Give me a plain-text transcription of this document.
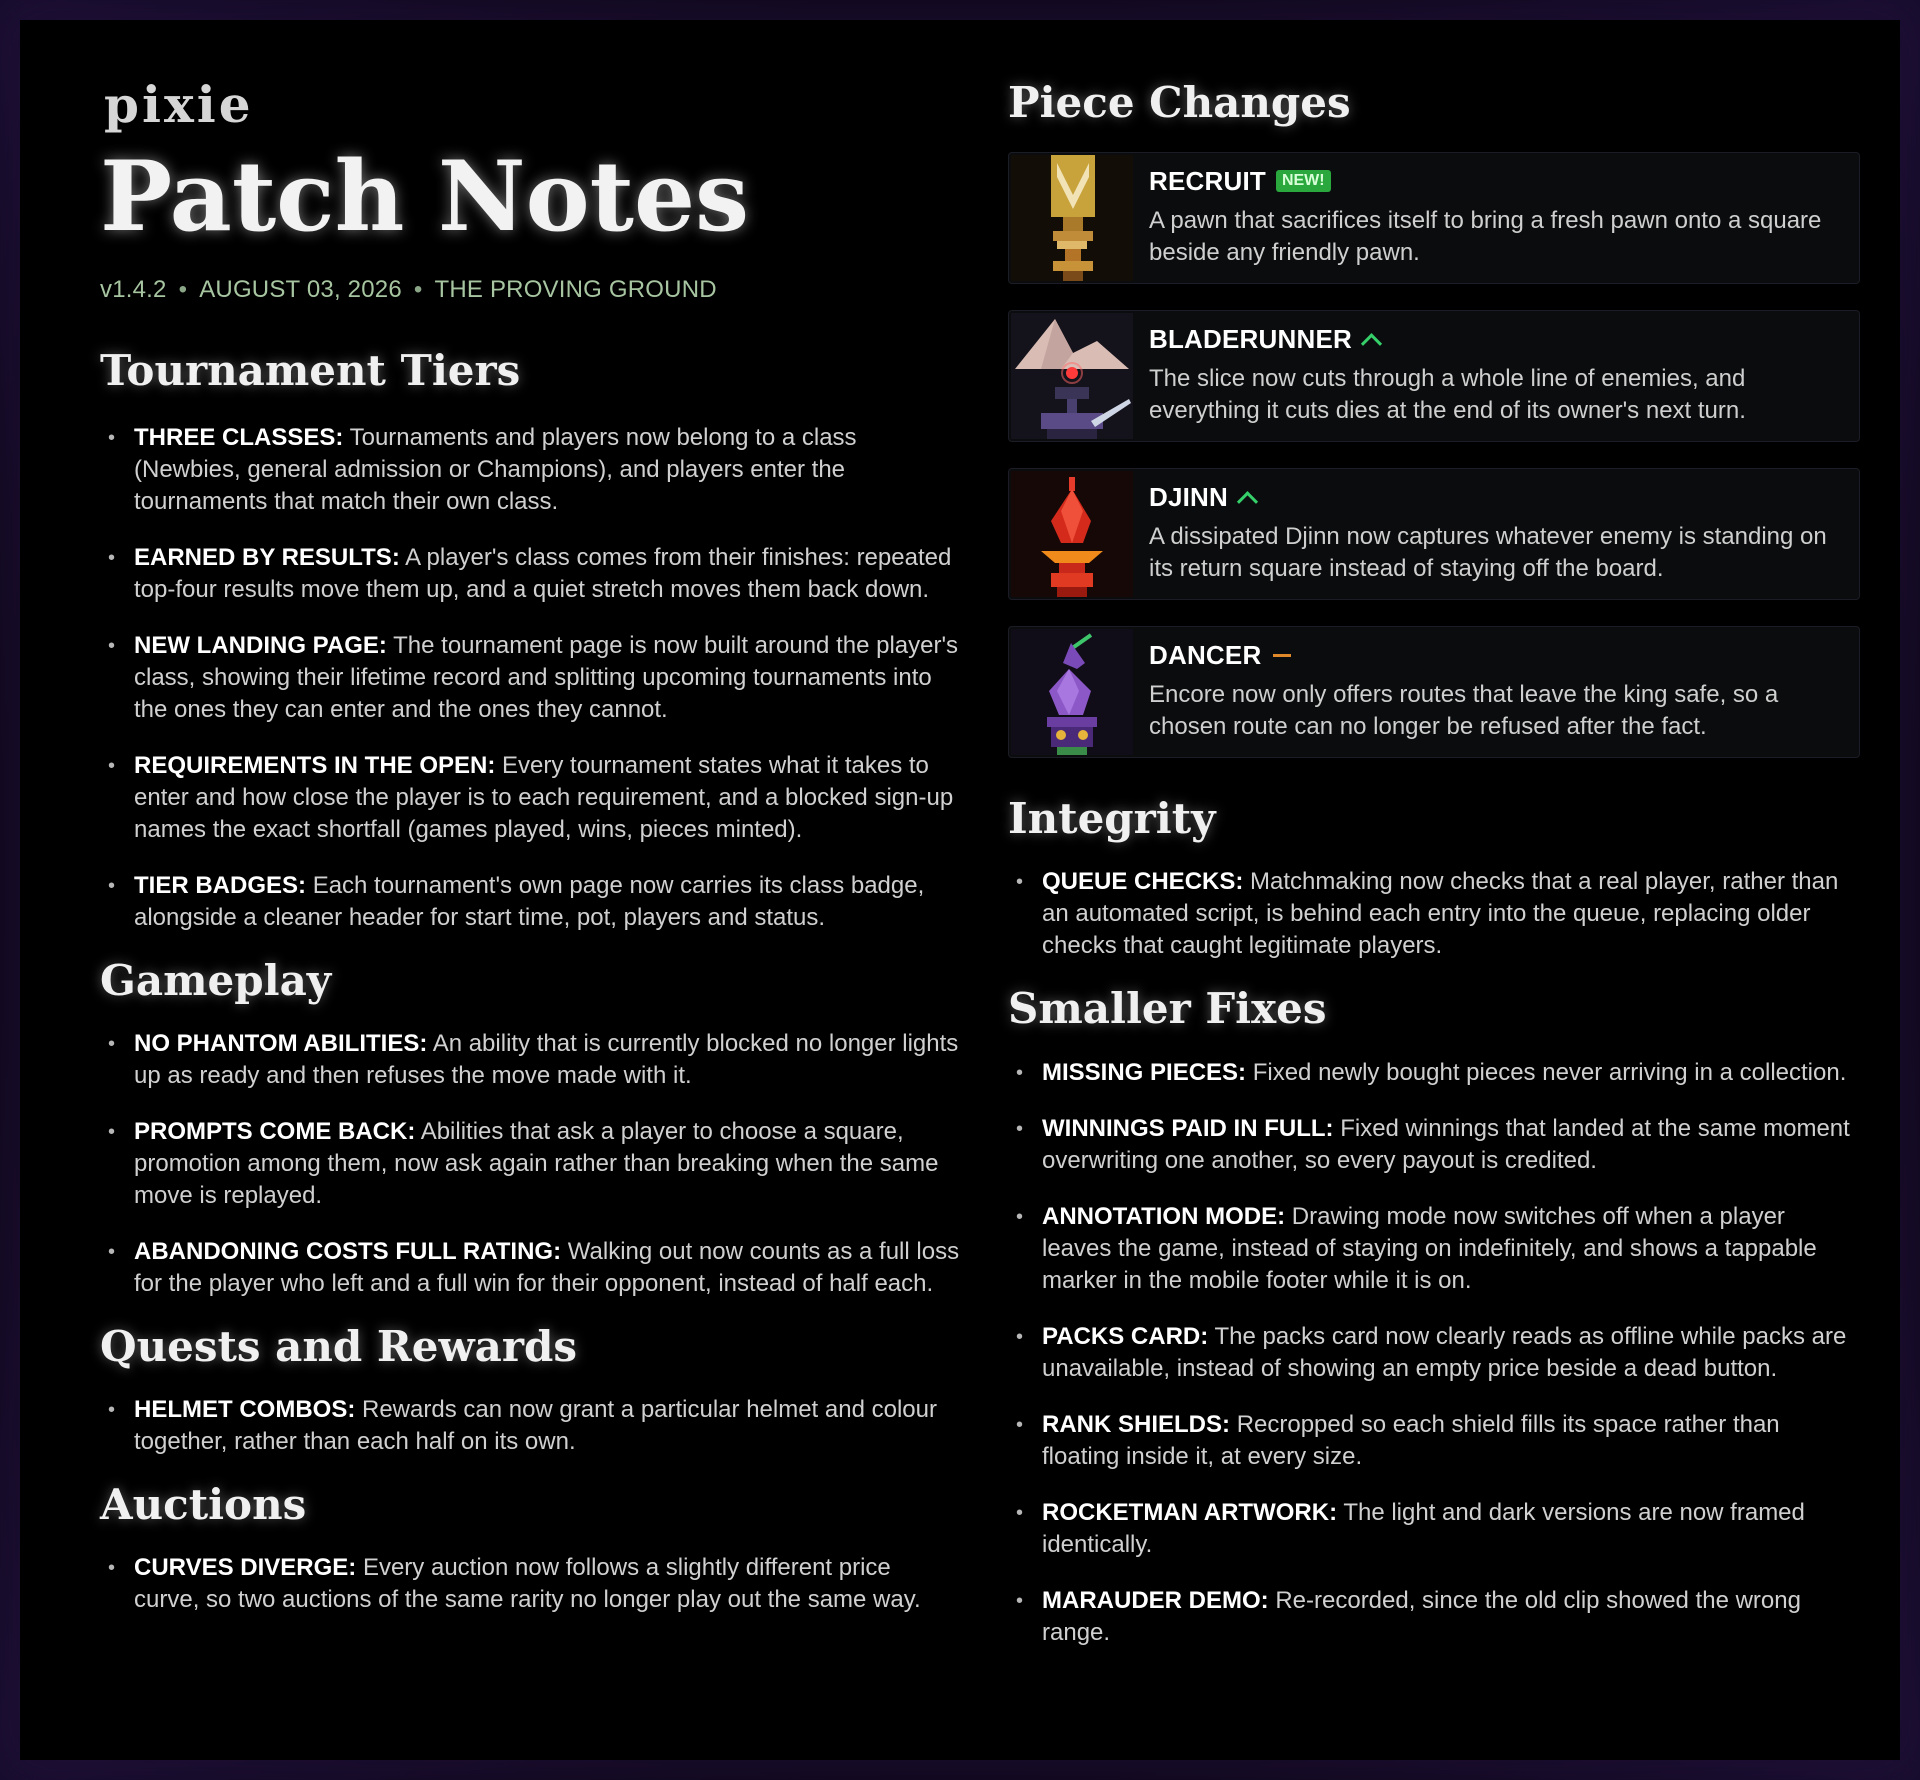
pixie
Patch Notes
v1.4.2 • AUGUST 03, 2026 • THE PROVING GROUND
Tournament Tiers
• THREE CLASSES: Tournaments and players now belong to a class (Newbies, general admission or Champions), and players enter the tournaments that match their own class.
• EARNED BY RESULTS: A player's class comes from their finishes: repeated top-four results move them up, and a quiet stretch moves them back down.
• NEW LANDING PAGE: The tournament page is now built around the player's class, showing their lifetime record and splitting upcoming tournaments into the ones they can enter and the ones they cannot.
• REQUIREMENTS IN THE OPEN: Every tournament states what it takes to enter and how close the player is to each requirement, and a blocked sign-up names the exact shortfall (games played, wins, pieces minted).
• TIER BADGES: Each tournament's own page now carries its class badge, alongside a cleaner header for start time, pot, players and status.
Gameplay
• NO PHANTOM ABILITIES: An ability that is currently blocked no longer lights up as ready and then refuses the move made with it.
• PROMPTS COME BACK: Abilities that ask a player to choose a square, promotion among them, now ask again rather than breaking when the same move is replayed.
• ABANDONING COSTS FULL RATING: Walking out now counts as a full loss for the player who left and a full win for their opponent, instead of half each.
Quests and Rewards
• HELMET COMBOS: Rewards can now grant a particular helmet and colour together, rather than each half on its own.
Auctions
• CURVES DIVERGE: Every auction now follows a slightly different price curve, so two auctions of the same rarity no longer play out the same way.
Piece Changes
RECRUIT	NEW!
A pawn that sacrifices itself to bring a fresh pawn onto a square beside any friendly pawn.
BLADERUNNER
The slice now cuts through a whole line of enemies, and everything it cuts dies at the end of its owner's next turn.
DJINN
A dissipated Djinn now captures whatever enemy is standing on its return square instead of staying off the board.
DANCER
Encore now only offers routes that leave the king safe, so a chosen route can no longer be refused after the fact.
Integrity
• QUEUE CHECKS: Matchmaking now checks that a real player, rather than an automated script, is behind each entry into the queue, replacing older checks that caught legitimate players.
Smaller Fixes
• MISSING PIECES: Fixed newly bought pieces never arriving in a collection.
• WINNINGS PAID IN FULL: Fixed winnings that landed at the same moment overwriting one another, so every payout is credited.
• ANNOTATION MODE: Drawing mode now switches off when a player leaves the game, instead of staying on indefinitely, and shows a tappable marker in the mobile footer while it is on.
• PACKS CARD: The packs card now clearly reads as offline while packs are unavailable, instead of showing an empty price beside a dead button.
• RANK SHIELDS: Recropped so each shield fills its space rather than floating inside it, at every size.
• ROCKETMAN ARTWORK: The light and dark versions are now framed identically.
• MARAUDER DEMO: Re-recorded, since the old clip showed the wrong range.
